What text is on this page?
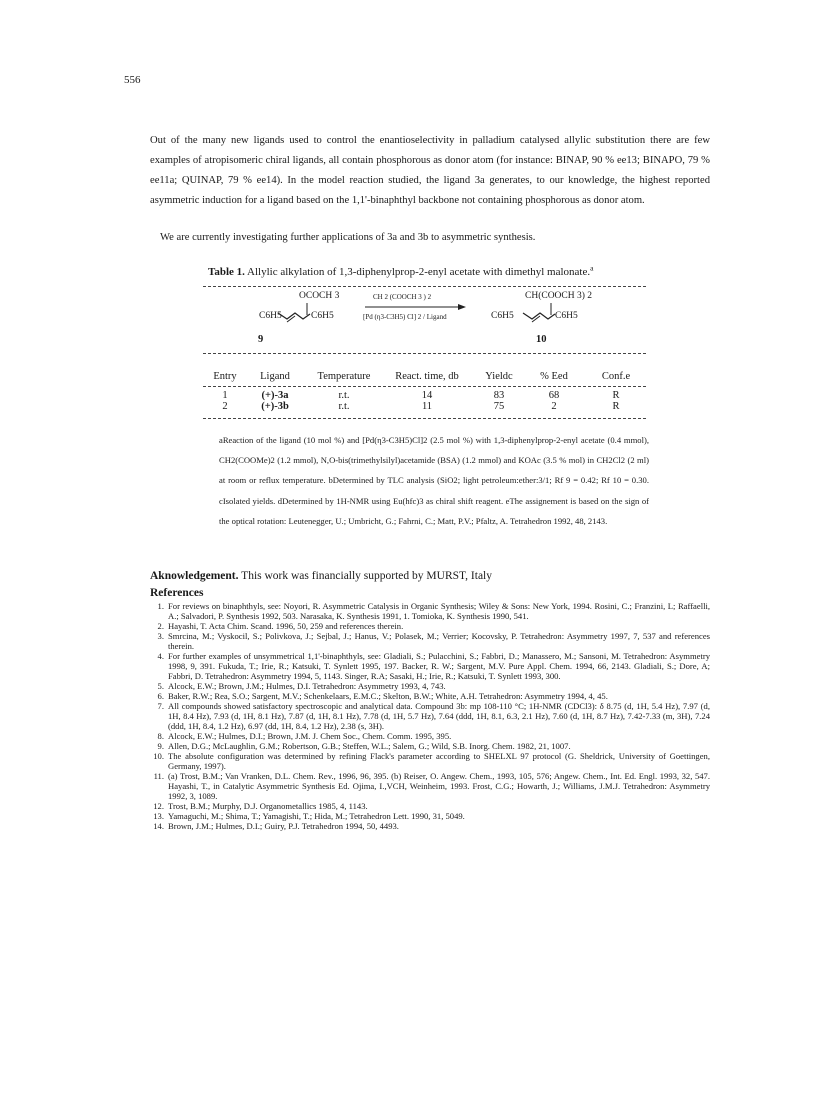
556
Out of the many new ligands used to control the enantioselectivity in palladium catalysed allylic substitution there are few examples of atropisomeric chiral ligands, all contain phosphorous as donor atom (for instance: BINAP, 90 % ee13; BINAPO, 79 % ee11a; QUINAP, 79 % ee14). In the model reaction studied, the ligand 3a generates, to our knowledge, the highest reported asymmetric induction for a ligand based on the 1,1'-binaphthyl backbone not containing phosphorous as donor atom.
We are currently investigating further applications of 3a and 3b to asymmetric synthesis.
Table 1. Allylic alkylation of 1,3-diphenylprop-2-enyl acetate with dimethyl malonate.$^a$
OCOCH 3
C6H5	C6H5
9
CH 2 (COOCH 3 ) 2
[Pd (η3-C3H5) Cl] 2 / Ligand
CH(COOCH 3) 2
C6H5	C6H5
10
Entry	Ligand	Temperature	React. time, db	Yieldc	% Eed	Conf.e
1	(+)-3a	r.t.	14	83	68	R
2	(+)-3b	r.t.	11	75	2	R
aReaction of the ligand (10 mol %) and [Pd(η3-C3H5)Cl]2 (2.5 mol %) with 1,3-diphenylprop-2-enyl acetate (0.4 mmol), CH2(COOMe)2 (1.2 mmol), N,O-bis(trimethylsilyl)acetamide (BSA) (1.2 mmol) and KOAc (3.5 % mol) in CH2Cl2 (2 ml) at room or reflux temperature. bDetermined by TLC analysis (SiO2; light petroleum:ether:3/1; Rf 9 = 0.42; Rf 10 = 0.30. cIsolated yields. dDetermined by 1H-NMR using Eu(hfc)3 as chiral shift reagent. eThe assignement is based on the sign of the optical rotation: Leutenegger, U.; Umbricht, G.; Fahrni, C.; Matt, P.V.; Pfaltz, A. Tetrahedron 1992, 48, 2143.
Aknowledgement. This work was financially supported by MURST, Italy
References
1 . For reviews on binaphthyls, see: Noyori, R. Asymmetric Catalysis in Organic Synthesis; Wiley & Sons: New York, 1994. Rosini, C.; Franzini, L; Raffaelli, A.; Salvadori, P. Synthesis 1992, 503. Narasaka, K. Synthesis 1991, 1. Tomioka, K. Synthesis 1990, 541.
2 . Hayashi, T. Acta Chim. Scand. 1996, 50, 259 and references therein.
3 . Smrcina, M.; Vyskocil, S.; Polivkova, J.; Sejbal, J.; Hanus, V.; Polasek, M.; Verrier; Kocovsky, P. Tetrahedron: Asymmetry 1997, 7, 537 and references therein.
4 . For further examples of unsymmetrical 1,1'-binaphthyls, see: Gladiali, S.; Pulacchini, S.; Fabbri, D.; Manassero, M.; Sansoni, M. Tetrahedron: Asymmetry 1998, 9, 391. Fukuda, T.; Irie, R.; Katsuki, T. Synlett 1995, 197. Backer, R. W.; Sargent, M.V. Pure Appl. Chem. 1994, 66, 2143. Gladiali, S.; Dore, A; Fabbri, D. Tetrahedron: Asymmetry 1994, 5, 1143. Singer, R.A; Sasaki, H.; Irie, R.; Katsuki, T. Synlett 1993, 300.
5 . Alcock, E.W.; Brown, J.M.; Hulmes, D.I. Tetrahedron: Asymmetry 1993, 4, 743.
6 . Baker, R.W.; Rea, S.O.; Sargent, M.V.; Schenkelaars, E.M.C.; Skelton, B.W.; White, A.H. Tetrahedron: Asymmetry 1994, 4, 45.
7 . All compounds showed satisfactory spectroscopic and analytical data. Compound 3b: mp 108-110 °C; 1H-NMR (CDCl3): δ 8.75 (d, 1H, 5.4 Hz), 7.97 (d, 1H, 8.4 Hz), 7.93 (d, 1H, 8.1 Hz), 7.87 (d, 1H, 8.1 Hz), 7.78 (d, 1H, 5.7 Hz), 7.64 (ddd, 1H, 8.1, 6.3, 2.1 Hz), 7.60 (d, 1H, 8.7 Hz), 7.42-7.33 (m, 3H), 7.24 (ddd, 1H, 8.4, 1.2 Hz), 6.97 (dd, 1H, 8.4, 1.2 Hz), 2.38 (s, 3H).
8 . Alcock, E.W.; Hulmes, D.I.; Brown, J.M. J. Chem Soc., Chem. Comm. 1995, 395.
9 . Allen, D.G.; McLaughlin, G.M.; Robertson, G.B.; Steffen, W.L.; Salem, G.; Wild, S.B. Inorg. Chem. 1982, 21, 1007.
10 . The absolute configuration was determined by refining Flack's parameter according to SHELXL 97 protocol (G. Sheldrick, University of Goettingen, Germany, 1997).
11 . (a) Trost, B.M.; Van Vranken, D.L. Chem. Rev., 1996, 96, 395. (b) Reiser, O. Angew. Chem., 1993, 105, 576; Angew. Chem., Int. Ed. Engl. 1993, 32, 547. Hayashi, T., in Catalytic Asymmetric Synthesis Ed. Ojima, I.,VCH, Weinheim, 1993. Frost, C.G.; Howarth, J.; Williams, J.M.J. Tetrahedron: Asymmetry 1992, 3, 1089.
12 . Trost, B.M.; Murphy, D.J. Organometallics 1985, 4, 1143.
13 . Yamaguchi, M.; Shima, T.; Yamagishi, T.; Hida, M.; Tetrahedron Lett. 1990, 31, 5049.
14 . Brown, J.M.; Hulmes, D.I.; Guiry, P.J. Tetrahedron 1994, 50, 4493.
